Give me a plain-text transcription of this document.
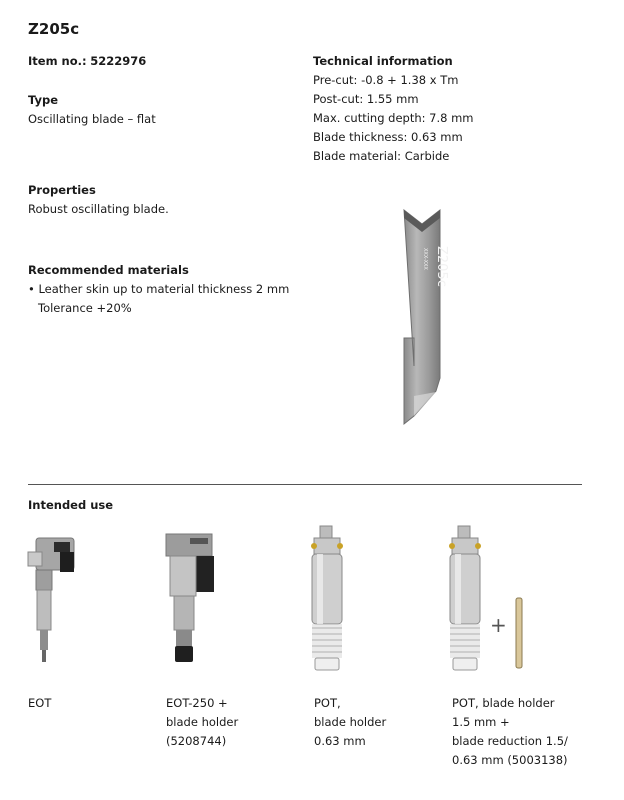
Z205c
Item no.: 5222976
Type
Oscillating blade – flat
Technical information
Pre-cut: -0.8 + 1.38 x Tm
Post-cut: 1.55 mm
Max. cutting depth: 7.8 mm
Blade thickness: 0.63 mm
Blade material: Carbide
Properties
Robust oscillating blade.
Recommended materials
• Leather skin up to material thickness 2 mm
Tolerance +20%
Z205c
XXX-XXX
Intended use
+
EOT	EOT-250 +
blade holder
(5208744)
POT,
blade holder
0.63 mm
POT, blade holder
1.5 mm +
blade reduction 1.5/
0.63 mm (5003138)
